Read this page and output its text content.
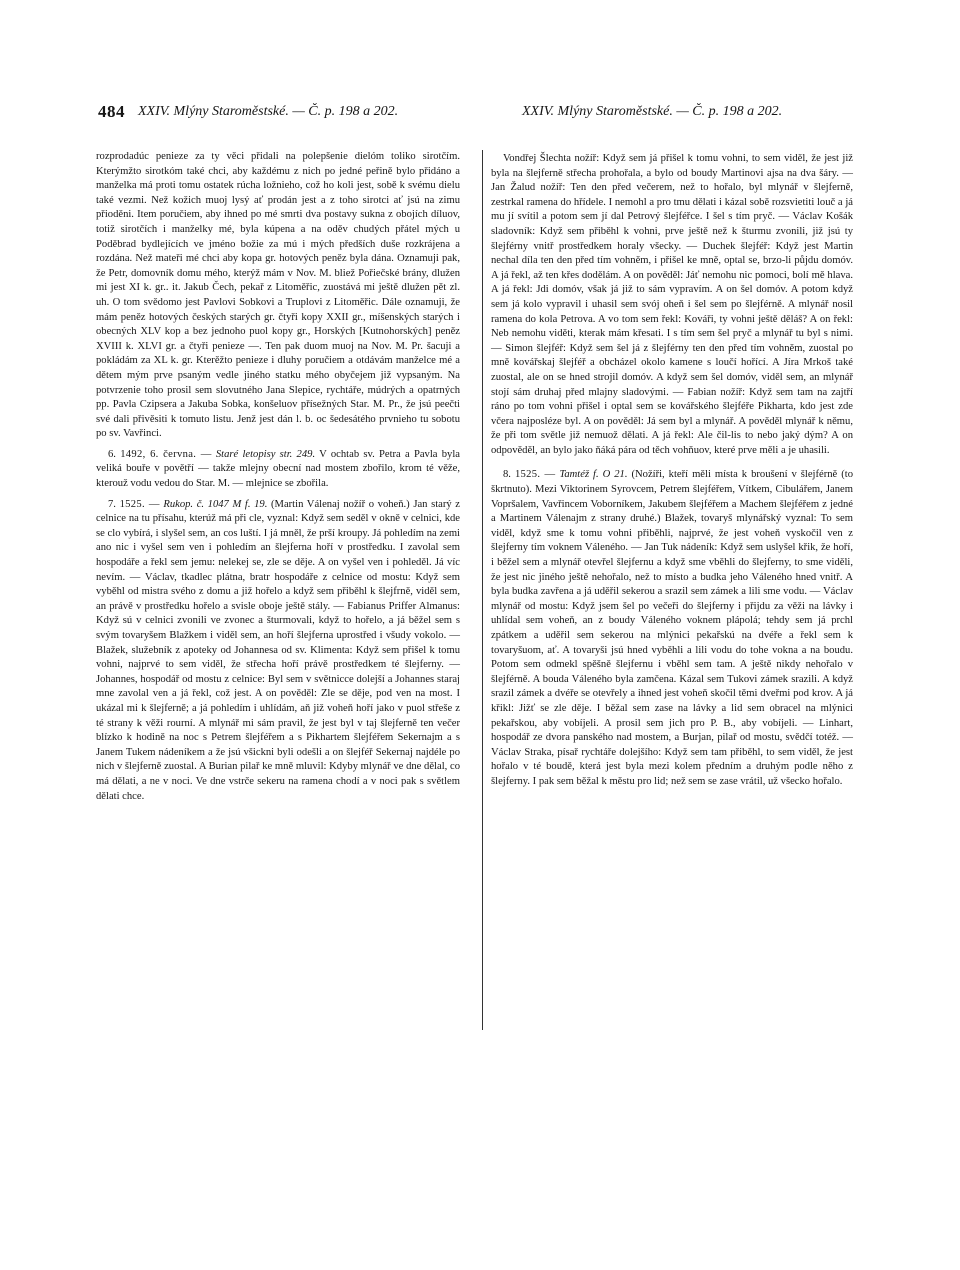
484 XXIV. Mlýny Staroměstské. — Č. p. 198 a 202.	XXIV. Mlýny Staroměstské. — Č. p. 198 a 202.

rozprodadúc penieze za ty věci přidali na polepšenie dielóm toliko sirotčím. Kterýmžto sirotkóm také chci, aby každému z nich po jedné peřině bylo přidáno a manželka má proti tomu ostatek rúcha ložnieho, což ho koli jest, sobě k svému dielu také vezmi. Než kožich muoj lysý ať prodán jest a z toho sirotci ať jsú na zimu přioděni. Item poručiem, aby ihned po mé smrti dva postavy sukna z obojích díluov, totiž sirotčích i manželky mé, byla kúpena a na oděv chudých přátel mých u Poděbrad bydlejících ve jméno božie za mú i mých předších duše rozkrájena a rozdána. Než mateři mé chci aby kopa gr. hotových peněz byla dána. Oznamuji pak, že Petr, domovník domu mého, kterýž mám v Nov. M. bliež Pořiečské brány, dlužen mi jest XI k. gr.. it. Jakub Čech, pekař z Litoměřic, zuostává mi ještě dlužen pět zl. uh. O tom svědomo jest Pavlovi Sobkovi a Truplovi z Litoměřic. Dále oznamuji, že mám peněz hotových českých starých gr. čtyři kopy XXII gr., míšenských starých i obecných XLV kop a bez jednoho puol kopy gr., Horských [Kutnohorských] peněz XVIII k. XLVI gr. a čtyři penieze —. Ten pak duom muoj na Nov. M. Pr. šacuji a pokládám za XL k. gr. Kterěžto penieze i dluhy poručiem a otdávám manželce mé a dětem mým prve psaným vedle jiného statku mého obyčejem již vypsaným. Na potvrzenie toho prosil sem slovutného Jana Slepice, rychtáře, múdrých a opatrných pp. Pavla Czipsera a Jakuba Sobka, konšeluov přísežných Star. M. Pr., že jsú peečti své dali přivěsiti k tomuto listu. Jenž jest dán l. b. oc šedesátého prvnieho tu sobotu po sv. Vavřinci.

6. 1492, 6. června. — Staré letopisy str. 249. V ochtab sv. Petra a Pavla byla veliká bouře v povětří — takže mlejny obecní nad mostem zbořilo, krom té věže, kterouž vodu vedou do Star. M. — mlejnice se zbořila.

7. 1525. — Rukop. č. 1047 M f. 19. (Martin Válenaj nožíř o voheň.) Jan starý z celnice na tu přísahu, kterúž má při cle, vyznal: Když sem seděl v okně v celnici, kde se clo vybírá, i slyšel sem, an cos luští. I já mněl, že prší kroupy. Já pohledím na zemi ano nic i vyšel sem ven i pohledím an šlejferna hoří v prostředku. I zavolal sem hospodáře a řekl sem jemu: nelekej se, zle se děje. A on vyšel ven i pohleděl. Já víc nevím. — Václav, tkadlec plátna, bratr hospodáře z celnice od mostu: Když sem vyběhl od mistra svého z domu a již hořelo a když sem přiběhl k šlejfrně, viděl sem, an právě v prostředku hořelo a svisle oboje ještě stály. — Fabianus Priffer Almanus: Když sú v celnici zvonili ve zvonec a šturmovali, když to hořelo, a já běžel sem s svým tovaryšem Blažkem i viděl sem, an hoří šlejferna uprostřed i všudy vokolo. — Blažek, služebník z apoteky od Johannesa od sv. Klimenta: Když sem přišel k tomu vohni, najprvé to sem viděl, že střecha hoří právě prostředkem té šlejferny. — Johannes, hospodář od mostu z celnice: Byl sem v světnicce dolejší a Johannes staraj mne zavolal ven a já řekl, což jest. A on pověděl: Zle se děje, pod ven na most. I ukázal mi k šlejferně; a já pohledím i uhlídám, aň již voheň hoří jako v puol střeše z té strany k věži rourní. A mlynář mi sám pravil, že jest byl v taj šlejferně ten večer blízko k hodině na noc s Petrem šlejféřem a s Pikhartem šlejféřem Sekernajm a s Janem Tukem nádeníkem a že jsú všickni byli odešli a on šlejféř Sekernaj najdéle po nich v šlejferně zuostal. A Burian pilař ke mně mluvil: Kdyby mlynář ve dne dělal, co má dělati, a ne v noci. Ve dne vstrče sekeru na ramena chodí a v noci pak s světlem dělati chce.

Vondřej Šlechta nožíř: Když sem já přišel k tomu vohni, to sem viděl, že jest již byla na šlejferně střecha prohořala, a bylo od boudy Martinovi ajsa na dva šáry. — Jan Žalud nožíř: Ten den před večerem, než to hořalo, byl mlynář v šlejferně, zestrkal ramena do hřídele. I nemohl a pro tmu dělati i kázal sobě rozsvietiti louč a já mu jí svítil a potom sem jí dal Petrový šlejféřce. I šel s tím pryč. — Václav Košák sladovník: Když sem přiběhl k vohni, prve ještě než k šturmu zvonili, již jsú ty šlejférny vnitř prostředkem horaly všecky. — Duchek šlejféř: Když jest Martin nechal díla ten den před tím vohněm, i přišel ke mně, optal se, brzo-li půjdu domóv. A já řekl, až ten křes dodělám. A on pověděl: Jáť nemohu nic pomoci, bolí mě hlava. A já řekl: Jdi domóv, však já již to sám vypravím. A on šel domóv. A potom když sem já kolo vypravil i uhasil sem svój oheň i šel sem po šlejférně. A mlynář nosil ramena do kola Petrova. A vo tom sem řekl: Kováři, ty vohni ještě děláš? A on řekl: Neb nemohu viděti, kterak mám křesati. I s tím sem šel pryč a mlynář tu byl s nimi. — Simon šlejféř: Když sem šel já z šlejférny ten den před tím vohněm, zuostal po mně kovářskaj šlejféř a obcházel okolo kamene s loučí hořící. A Jíra Mrkoš také zuostal, ale on se hned strojil domóv. A když sem šel domóv, viděl sem, an mlynář stojí sám druhaj před mlajny sladovými. — Fabian nožíř: Když sem tam na zajtří ráno po tom vohni přišel i optal sem se kovářského šlejféře Pikharta, kdo jest zde včera najposléze byl. A on pověděl: Já sem byl a mlynář. A pověděl mlynář k němu, že při tom světle již nemuož dělati. A já řekl: Ale čil-lis to nebo jaký dým? A on odpověděl, an bylo jako ňáká pára od těch vohňuov, které prve měli a je uhasili.

8. 1525. — Tamtéž f. O 21. (Nožíři, kteří měli místa k broušení v šlejférně (to škrtnuto). Mezi Viktorinem Syrovcem, Petrem šlejféřem, Vítkem, Cibulářem, Janem Vopršalem, Vavřincem Voborníkem, Jakubem šlejféřem a Machem šlejféřem z jedné a Martinem Válenajm z strany druhé.) Blažek, tovaryš mlynářský vyznal: To sem viděl, když sme k tomu vohni přiběhli, najprvé, že jest voheň vyskočil ven z šlejferny tím voknem Váleného. — Jan Tuk nádeník: Když sem uslyšel křik, že hoří, i běžel sem a mlynář otevřel šlejfernu a když sme vběhli do šlejferny, to sme viděli, že jest nic jiného ještě nehořalo, než to místo a budka jeho Váleného hned vnitř. A byla budka zavřena a já uděřil sekerou a srazil sem zámek a lili sme vodu. — Václav mlynář od mostu: Když jsem šel po večeři do šlejferny i přijdu za věži na lávky i uhlídal sem voheň, an z boudy Váleného voknem plápolá; tehdy sem já prchl zpátkem a uděřil sem sekerou na mlýnici pekařskú na dvéře a řekl sem k tovaryšuom, ať. A tovaryši jsú hned vyběhli a lili vodu do tohe vokna a na boudu. Potom sem odmekl spěšně šlejfernu i vběhl sem tam. A ještě nikdy nehořalo v šlejférně. A bouda Váleného byla zamčena. Kázal sem Tukovi zámek srazili. A když srazil zámek a dvéře se otevřely a ihned jest voheň skočil těmi dveřmi pod krov. A já křikl: Jižť se zle děje. I běžal sem zase na lávky a lid sem obracel na mlýnici pekařskou, aby vobíjeli. A prosil sem jich pro P. B., aby vobíjeli. — Linhart, hospodář ze dvora panského nad mostem, a Burjan, pilař od mostu, svědčí totéž. — Václav Straka, písař rychtáře dolejšího: Když sem tam přiběhl, to sem viděl, že jest hořalo v té boudě, která jest byla mezi kolem předním a druhým podle něho z šlejferny. I pak sem běžal k městu pro lid; než sem se zase vrátil, už všecko hořalo.
